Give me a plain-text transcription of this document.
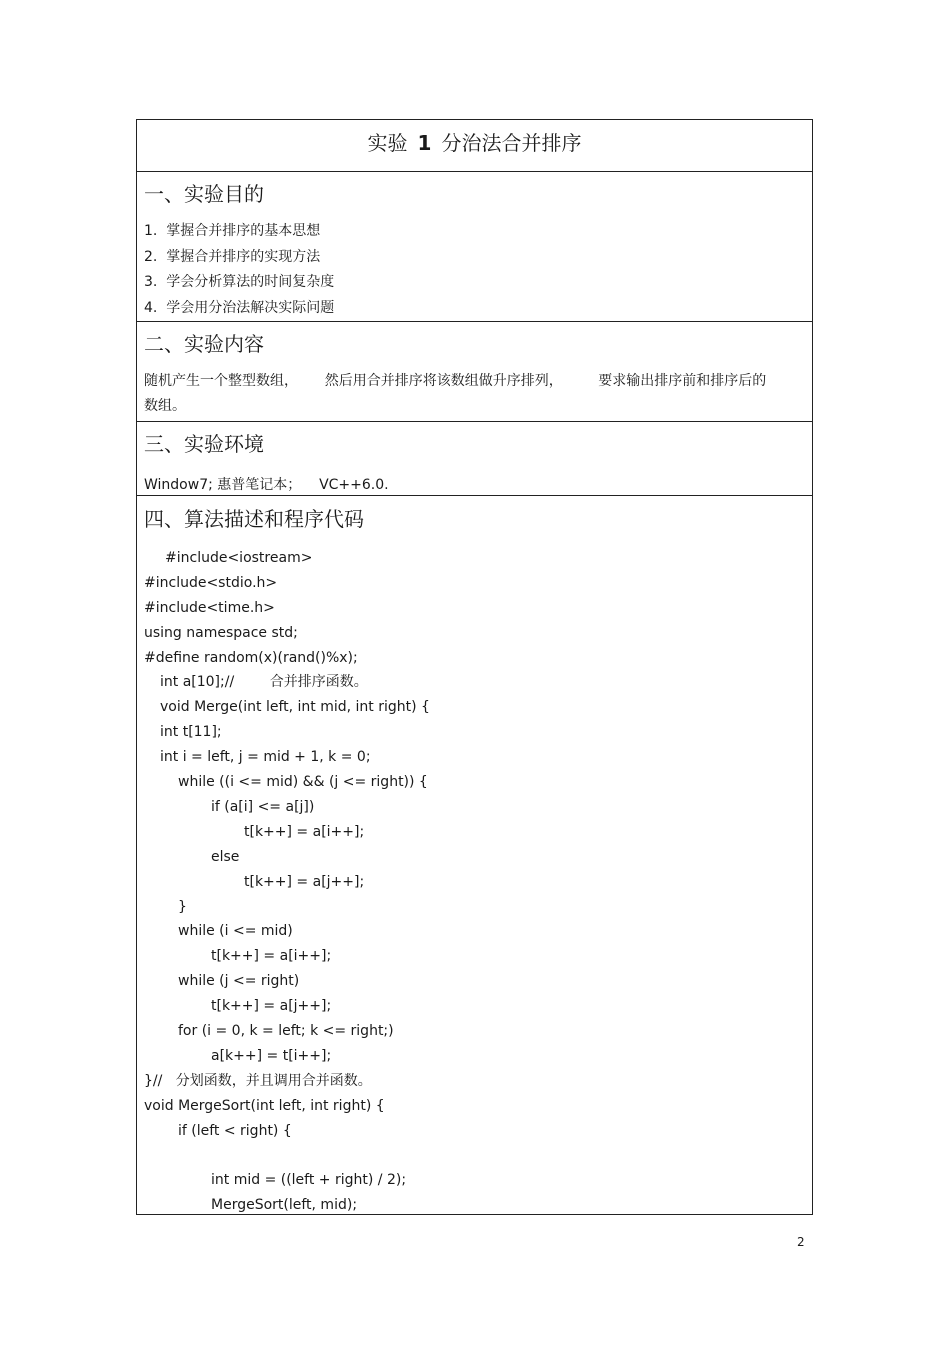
实验 1 分治法合并排序
一、实验目的
1.  掌握合并排序的基本思想
2.  掌握合并排序的实现方法
3.  学会分析算法的时间复杂度
4.  学会用分治法解决实际问题
二、实验内容
随机产生一个整型数组，      然后用合并排序将该数组做升序排列，        要求输出排序前和排序后的
数组。
三、实验环境
Window7; 惠普笔记本；    VC++6.0.
四、算法描述和程序代码
#include<iostream>
#include<stdio.h>
#include<time.h>
using namespace std;
#define random(x)(rand()%x);
int a[10];//        合并排序函数。
void Merge(int left, int mid, int right) {
int t[11];
int i = left, j = mid + 1, k = 0;
while ((i <= mid) && (j <= right)) {
if (a[i] <= a[j])
t[k++] = a[i++];
else
t[k++] = a[j++];
}
while (i <= mid)
t[k++] = a[i++];
while (j <= right)
t[k++] = a[j++];
for (i = 0, k = left; k <= right;)
a[k++] = t[i++];
}//   分划函数，并且调用合并函数。
void MergeSort(int left, int right) {
if (left < right) {
int mid = ((left + right) / 2);
MergeSort(left, mid);
2
